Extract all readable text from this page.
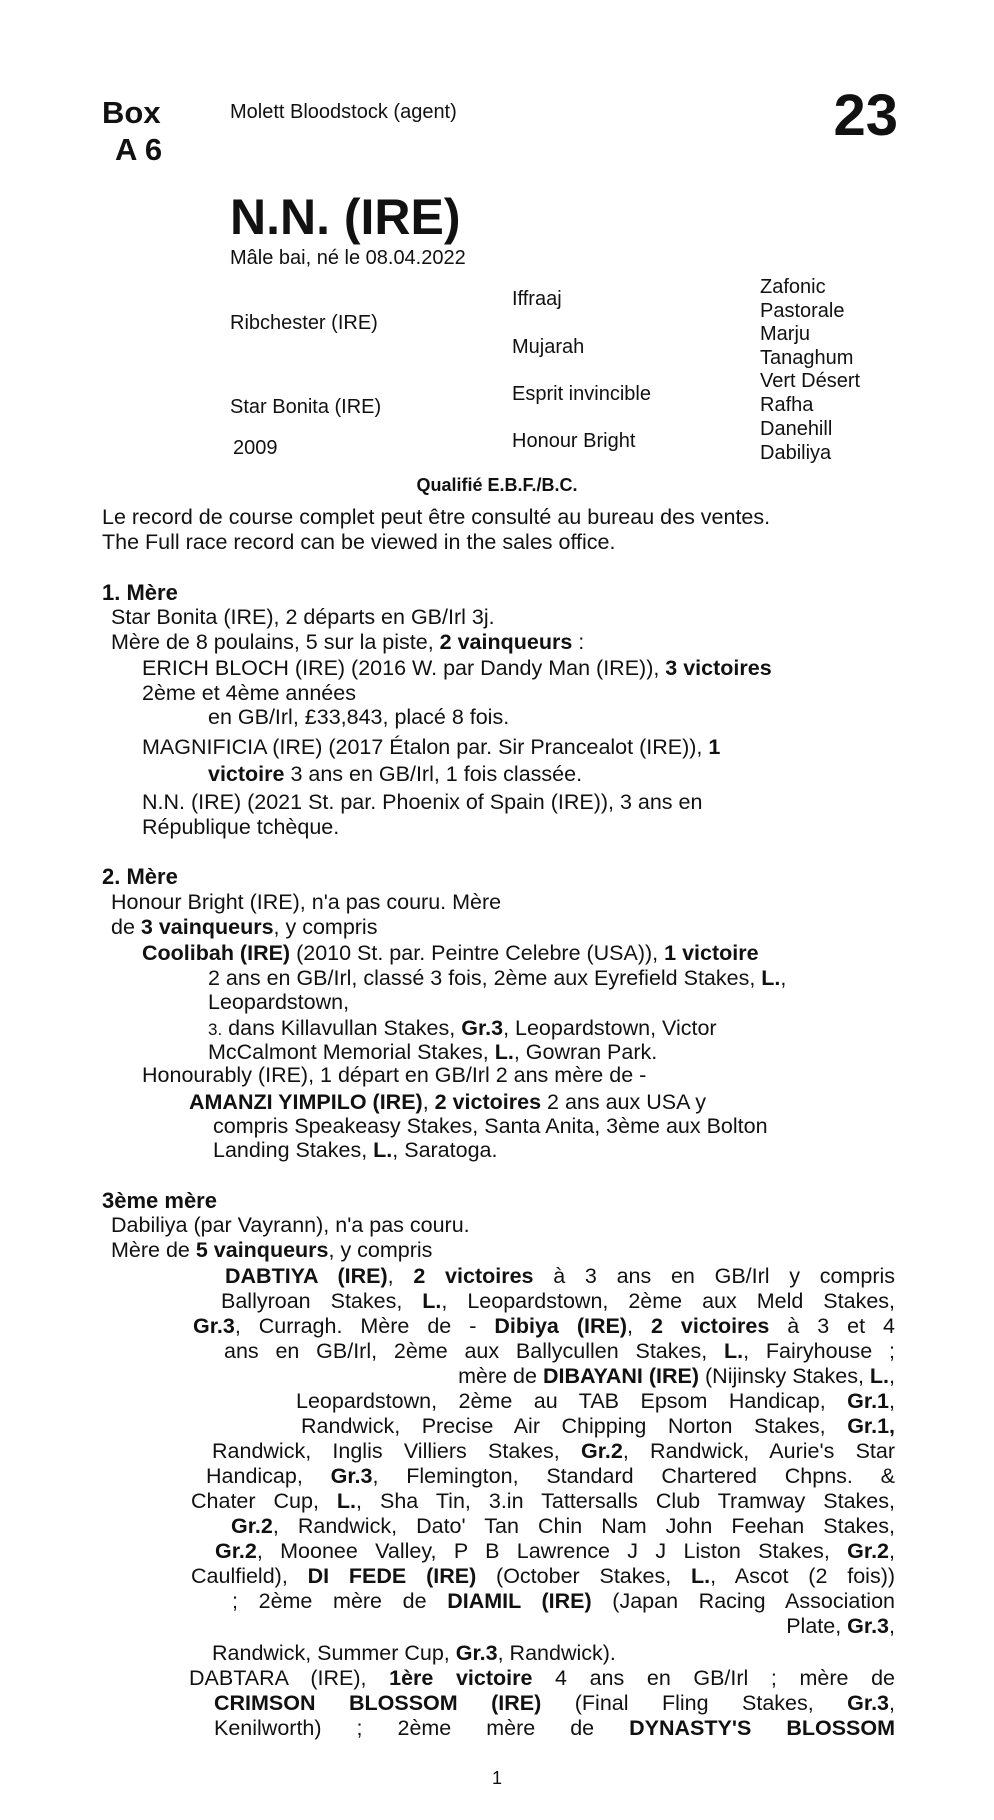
Box
A 6
Molett Bloodstock (agent)	23
N.N. (IRE)
Mâle bai, né le 08.04.2022
Ribchester (IRE)
Star Bonita (IRE)
2009
Iffraaj
Mujarah
Esprit invincible
Honour Bright
Zafonic
Pastorale
Marju
Tanaghum
Vert Désert
Rafha
Danehill
Dabiliya
Qualifié E.B.F./B.C.
Le record de course complet peut être consulté au bureau des ventes.
The Full race record can be viewed in the sales office.
1. Mère
Star Bonita (IRE), 2 départs en GB/Irl 3j.
Mère de 8 poulains, 5 sur la piste, 2 vainqueurs :
ERICH BLOCH (IRE) (2016 W. par Dandy Man (IRE)), 3 victoires
2ème et 4ème années
en GB/Irl, £33,843, placé 8 fois.
MAGNIFICIA (IRE) (2017 Étalon par. Sir Prancealot (IRE)), 1
victoire 3 ans en GB/Irl, 1 fois classée.
N.N. (IRE) (2021 St. par. Phoenix of Spain (IRE)), 3 ans en
République tchèque.
2. Mère
Honour Bright (IRE), n'a pas couru. Mère
de 3 vainqueurs, y compris
Coolibah (IRE) (2010 St. par. Peintre Celebre (USA)), 1 victoire
2 ans en GB/Irl, classé 3 fois, 2ème aux Eyrefield Stakes, L.,
Leopardstown,
3. dans Killavullan Stakes, Gr.3, Leopardstown, Victor
McCalmont Memorial Stakes, L., Gowran Park.
Honourably (IRE), 1 départ en GB/Irl 2 ans mère de -
AMANZI YIMPILO (IRE), 2 victoires 2 ans aux USA y
compris Speakeasy Stakes, Santa Anita, 3ème aux Bolton
Landing Stakes, L., Saratoga.
3ème mère
Dabiliya (par Vayrann), n'a pas couru.
Mère de 5 vainqueurs, y compris
DABTIYA (IRE), 2 victoires à 3 ans en GB/Irl y compris
Ballyroan Stakes, L., Leopardstown, 2ème aux Meld Stakes,
Gr.3, Curragh. Mère de - Dibiya (IRE), 2 victoires à 3 et 4
ans en GB/Irl, 2ème aux Ballycullen Stakes, L., Fairyhouse ;
mère de DIBAYANI (IRE) (Nijinsky Stakes, L.,
Leopardstown, 2ème au TAB Epsom Handicap, Gr.1,
Randwick, Precise Air Chipping Norton Stakes, Gr.1,
Randwick, Inglis Villiers Stakes, Gr.2, Randwick, Aurie's Star
Handicap, Gr.3, Flemington, Standard Chartered Chpns. &
Chater Cup, L., Sha Tin, 3.in Tattersalls Club Tramway Stakes,
Gr.2, Randwick, Dato' Tan Chin Nam John Feehan Stakes,
Gr.2, Moonee Valley, P B Lawrence J J Liston Stakes, Gr.2,
Caulfield), DI FEDE (IRE) (October Stakes, L., Ascot (2 fois))
; 2ème mère de DIAMIL (IRE) (Japan Racing Association
Plate, Gr.3,
Randwick, Summer Cup, Gr.3, Randwick).
DABTARA (IRE), 1ère victoire 4 ans en GB/Irl ; mère de
CRIMSON BLOSSOM (IRE) (Final Fling Stakes, Gr.3,
Kenilworth) ; 2ème mère de DYNASTY'S BLOSSOM
1
